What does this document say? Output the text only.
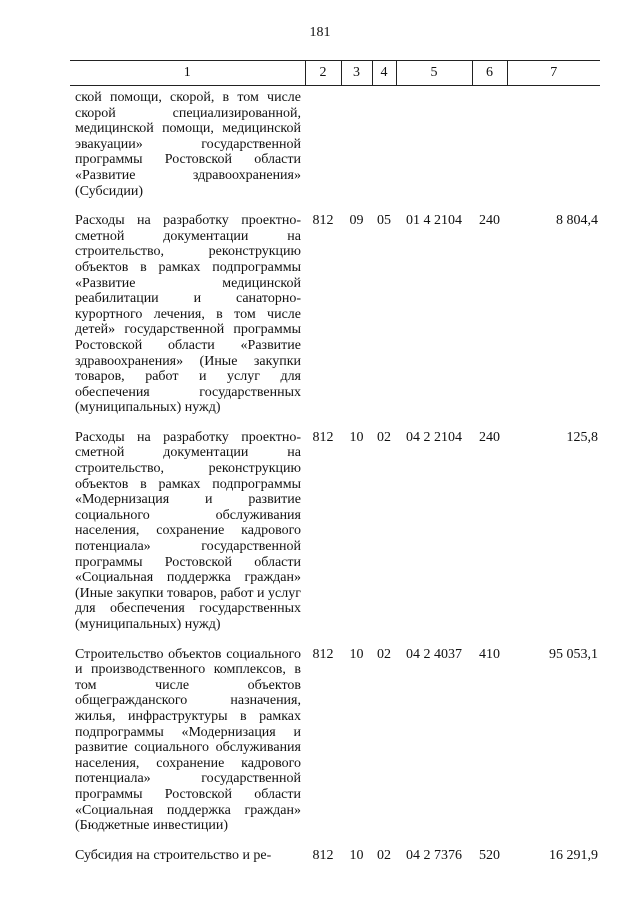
181
1	2	3	4	5	6	7
ской помощи, скорой, в том числе скорой специализированной, медицинской помощи, медицинской эвакуации» государственной программы Ростовской области «Развитие здравоохранения» (Субсидии)						

Расходы на разработку проектно-сметной документации на строительство, реконструкцию объектов в рамках подпрограммы «Развитие медицинской реабилитации и санаторно-курортного лечения, в том числе детей» государственной программы Ростовской области «Развитие здравоохранения» (Иные закупки товаров, работ и услуг для обеспечения государственных (муниципальных) нужд)	812	09	05	01 4 2104	240	8 804,4

Расходы на разработку проектно-сметной документации на строительство, реконструкцию объектов в рамках подпрограммы «Модернизация и развитие социального обслуживания населения, сохранение кадрового потенциала» государственной программы Ростовской области «Социальная поддержка граждан» (Иные закупки товаров, работ и услуг для обеспечения государственных (муниципальных) нужд)	812	10	02	04 2 2104	240	125,8

Строительство объектов социального и производственного комплексов, в том числе объектов общегражданского назначения, жилья, инфраструктуры в рамках подпрограммы «Модернизация и развитие социального обслуживания населения, сохранение кадрового потенциала» государственной программы Ростовской области «Социальная поддержка граждан» (Бюджетные инвестиции)	812	10	02	04 2 4037	410	95 053,1

Субсидия на строительство и ре-	812	10	02	04 2 7376	520	16 291,9
